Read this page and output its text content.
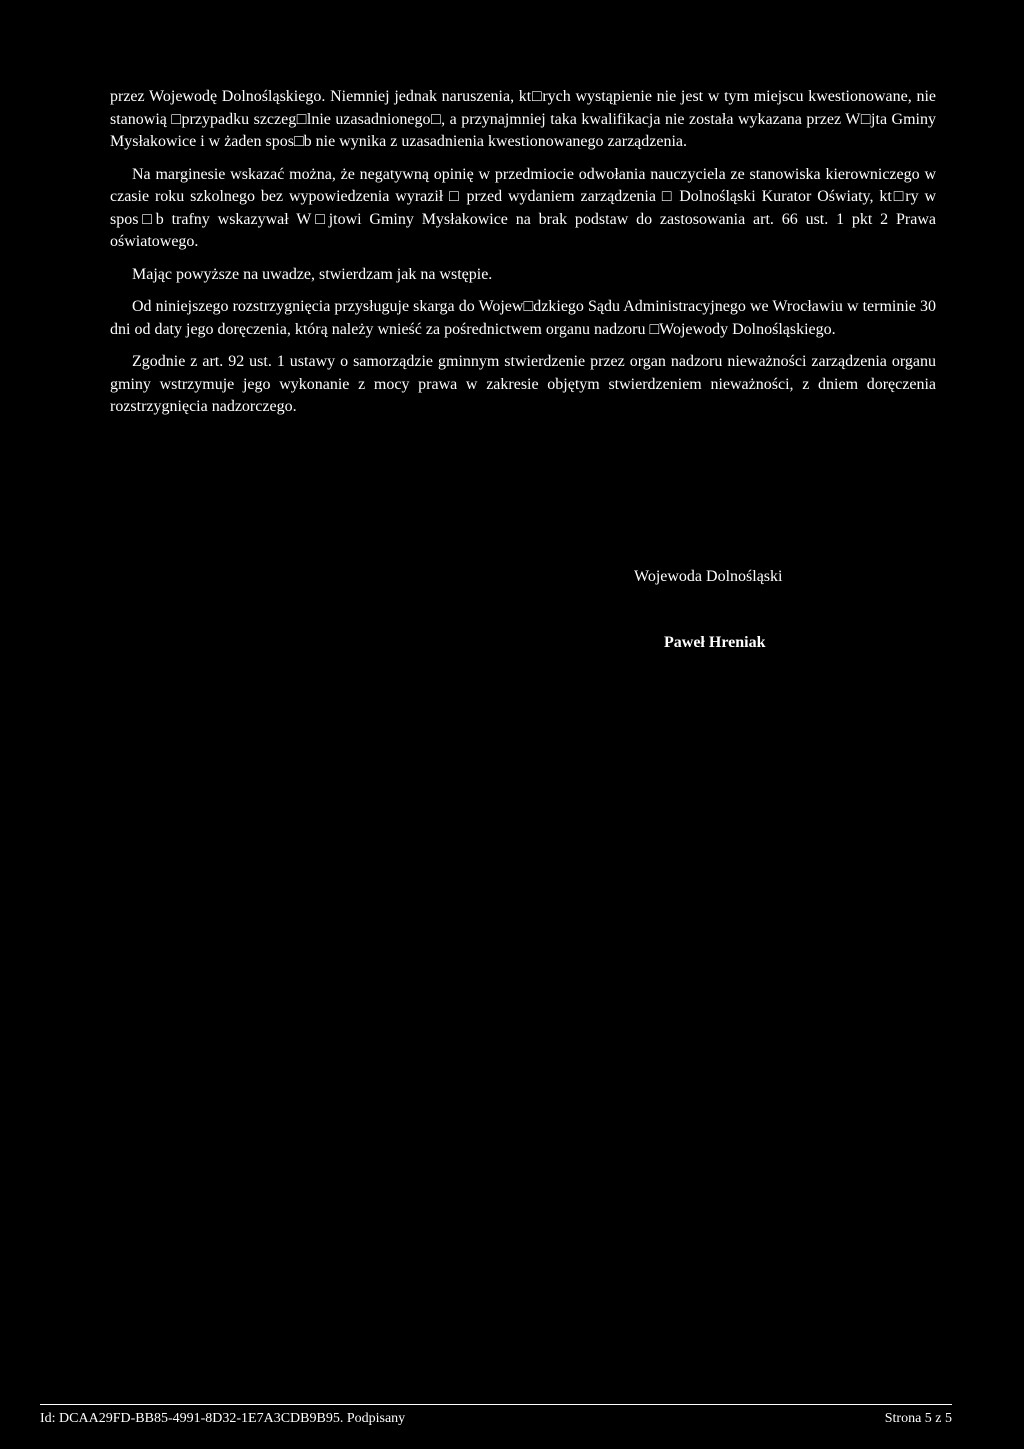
przez Wojewodę Dolnośląskiego. Niemniej jednak naruszenia, kt□rych wystąpienie nie jest w tym miejscu kwestionowane, nie stanowią □przypadku szczeg□lnie uzasadnionego□, a przynajmniej taka kwalifikacja nie została wykazana przez W□jta Gminy Mysłakowice i w żaden spos□b nie wynika z uzasadnienia kwestionowanego zarządzenia.

Na marginesie wskazać można, że negatywną opinię w przedmiocie odwołania nauczyciela ze stanowiska kierowniczego w czasie roku szkolnego bez wypowiedzenia wyraził □ przed wydaniem zarządzenia □ Dolnośląski Kurator Oświaty, kt□ry w spos□b trafny wskazywał W□jtowi Gminy Mysłakowice na brak podstaw do zastosowania art. 66 ust. 1 pkt 2 Prawa oświatowego.

Mając powyższe na uwadze, stwierdzam jak na wstępie.

Od niniejszego rozstrzygnięcia przysługuje skarga do Wojew□dzkiego Sądu Administracyjnego we Wrocławiu w terminie 30 dni od daty jego doręczenia, którą należy wnieść za pośrednictwem organu nadzoru □Wojewody Dolnośląskiego.

Zgodnie z art. 92 ust. 1 ustawy o samorządzie gminnym stwierdzenie przez organ nadzoru nieważności zarządzenia organu gminy wstrzymuje jego wykonanie z mocy prawa w zakresie objętym stwierdzeniem nieważności, z dniem doręczenia rozstrzygnięcia nadzorczego.

Wojewoda Dolnośląski
Paweł Hreniak
Id: DCAA29FD-BB85-4991-8D32-1E7A3CDB9B95. Podpisany	Strona 5 z 5
